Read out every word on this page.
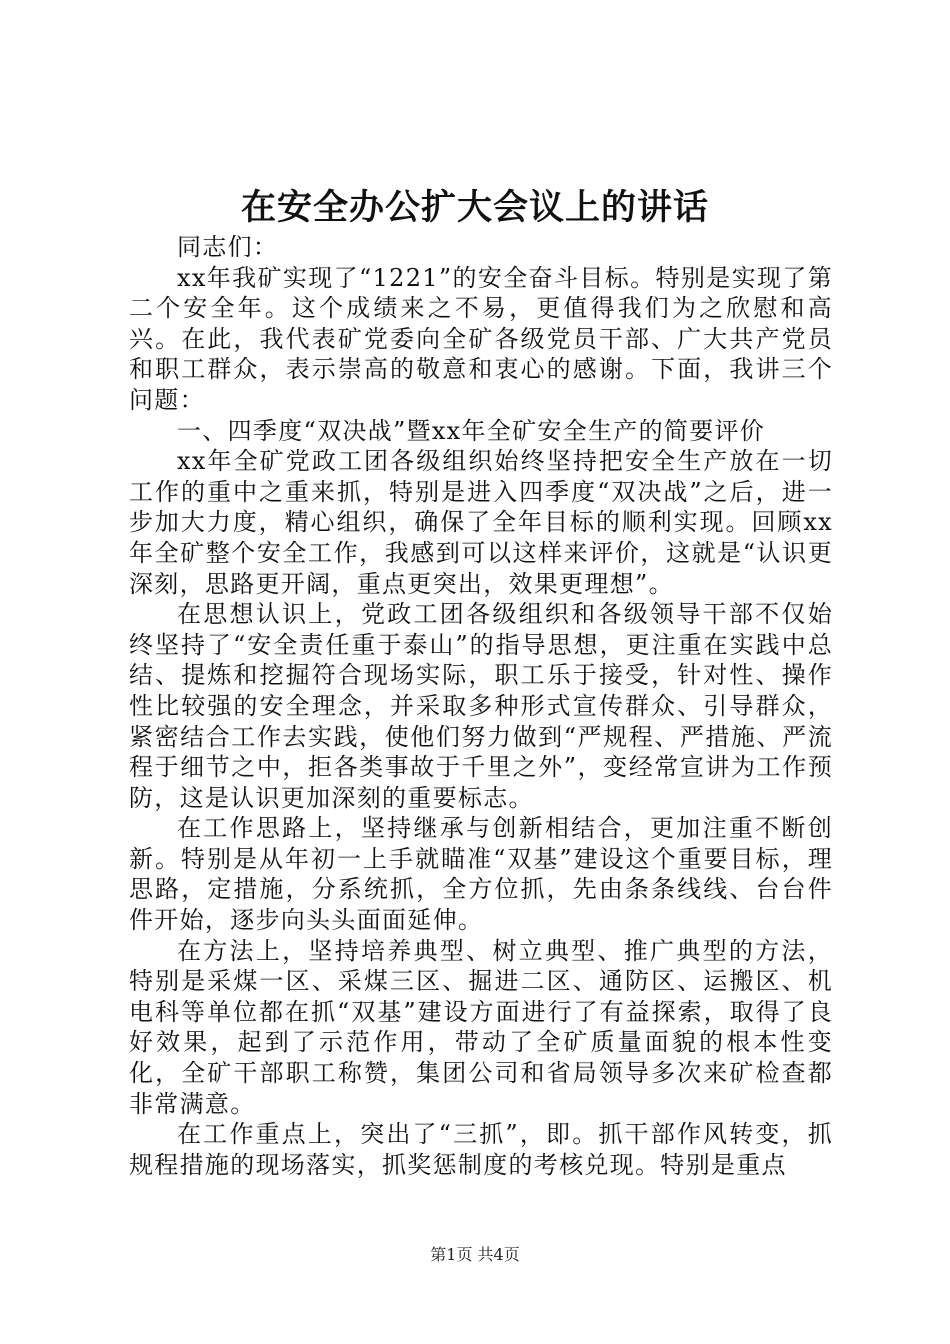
在安全办公扩大会议上的讲话

同志们：

xx年我矿实现了“1221”的安全奋斗目标。特别是实现了第二个安全年。这个成绩来之不易，更值得我们为之欣慰和高兴。在此，我代表矿党委向全矿各级党员干部、广大共产党员和职工群众，表示崇高的敬意和衷心的感谢。下面，我讲三个问题：

一、四季度“双决战”暨xx年全矿安全生产的简要评价

xx年全矿党政工团各级组织始终坚持把安全生产放在一切工作的重中之重来抓，特别是进入四季度“双决战”之后，进一步加大力度，精心组织，确保了全年目标的顺利实现。回顾xx年全矿整个安全工作，我感到可以这样来评价，这就是“认识更深刻，思路更开阔，重点更突出，效果更理想”。

在思想认识上，党政工团各级组织和各级领导干部不仅始终坚持了“安全责任重于泰山”的指导思想，更注重在实践中总结、提炼和挖掘符合现场实际，职工乐于接受，针对性、操作性比较强的安全理念，并采取多种形式宣传群众、引导群众，紧密结合工作去实践，使他们努力做到“严规程、严措施、严流程于细节之中，拒各类事故于千里之外”，变经常宣讲为工作预防，这是认识更加深刻的重要标志。

在工作思路上，坚持继承与创新相结合，更加注重不断创新。特别是从年初一上手就瞄准“双基”建设这个重要目标，理思路，定措施，分系统抓，全方位抓，先由条条线线、台台件件开始，逐步向头头面面延伸。

在方法上，坚持培养典型、树立典型、推广典型的方法，特别是采煤一区、采煤三区、掘进二区、通防区、运搬区、机电科等单位都在抓“双基”建设方面进行了有益探索，取得了良好效果，起到了示范作用，带动了全矿质量面貌的根本性变化，全矿干部职工称赞，集团公司和省局领导多次来矿检查都非常满意。

在工作重点上，突出了“三抓”，即。抓干部作风转变，抓规程措施的现场落实，抓奖惩制度的考核兑现。特别是重点

第1页 共4页
